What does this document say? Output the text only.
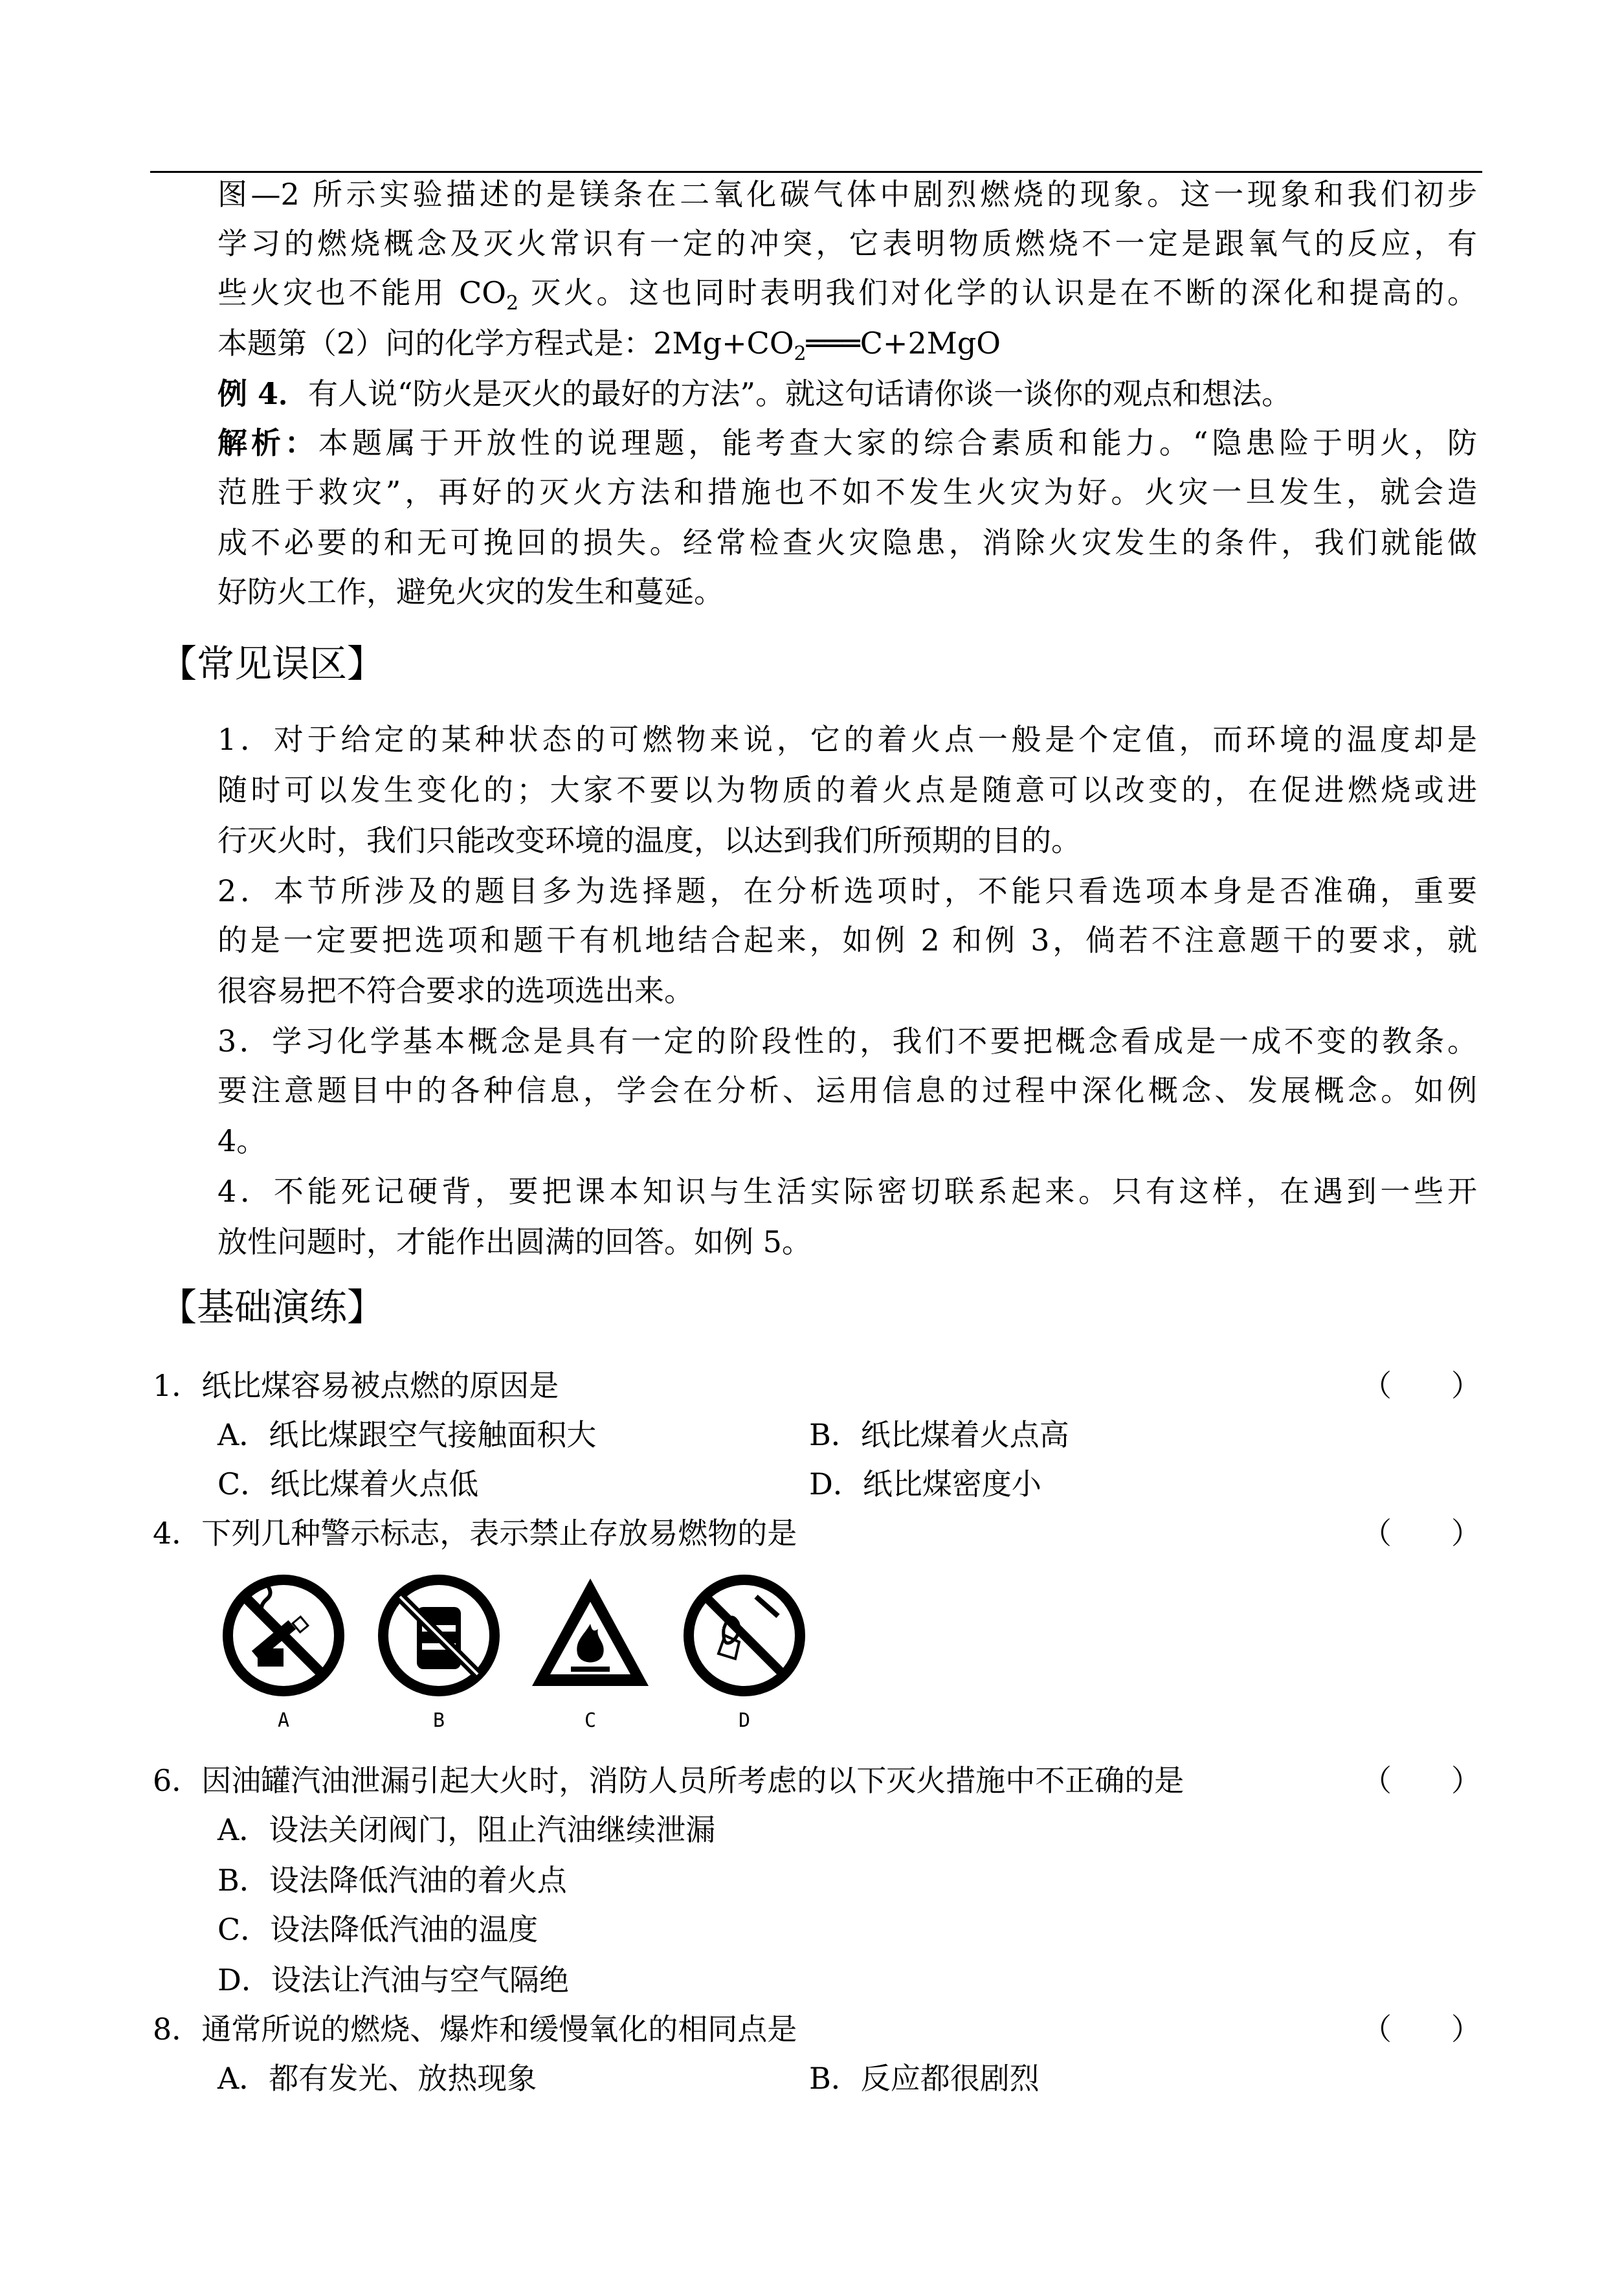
图—2 所示实验描述的是镁条在二氧化碳气体中剧烈燃烧的现象。这一现象和我们初步
学习的燃烧概念及灭火常识有一定的冲突，它表明物质燃烧不一定是跟氧气的反应，有
些火灾也不能用 $CO_2$ 灭火。这也同时表明我们对化学的认识是在不断的深化和提高的。
本题第（2）问的化学方程式是：$2Mg+CO_2═══C+2MgO$
例 4．有人说“防火是灭火的最好的方法”。就这句话请你谈一谈你的观点和想法。
解析：本题属于开放性的说理题，能考查大家的综合素质和能力。“隐患险于明火，防
范胜于救灾”，再好的灭火方法和措施也不如不发生火灾为好。火灾一旦发生，就会造
成不必要的和无可挽回的损失。经常检查火灾隐患，消除火灾发生的条件，我们就能做
好防火工作，避免火灾的发生和蔓延。
【常见误区】
1．对于给定的某种状态的可燃物来说，它的着火点一般是个定值，而环境的温度却是
随时可以发生变化的；大家不要以为物质的着火点是随意可以改变的，在促进燃烧或进
行灭火时，我们只能改变环境的温度，以达到我们所预期的目的。
2．本节所涉及的题目多为选择题，在分析选项时，不能只看选项本身是否准确，重要
的是一定要把选项和题干有机地结合起来，如例 2 和例 3，倘若不注意题干的要求，就
很容易把不符合要求的选项选出来。
3．学习化学基本概念是具有一定的阶段性的，我们不要把概念看成是一成不变的教条。
要注意题目中的各种信息，学会在分析、运用信息的过程中深化概念、发展概念。如例
4。
4．不能死记硬背，要把课本知识与生活实际密切联系起来。只有这样，在遇到一些开
放性问题时，才能作出圆满的回答。如例 5。
【基础演练】
1．纸比煤容易被点燃的原因是	（　　）
A．纸比煤跟空气接触面积大	B．纸比煤着火点高
C．纸比煤着火点低	D．纸比煤密度小
4．下列几种警示标志，表示禁止存放易燃物的是	（　　）
A	B	C	D
6．因油罐汽油泄漏引起大火时，消防人员所考虑的以下灭火措施中不正确的是	（　　）
A．设法关闭阀门，阻止汽油继续泄漏
B．设法降低汽油的着火点
C．设法降低汽油的温度
D．设法让汽油与空气隔绝
8．通常所说的燃烧、爆炸和缓慢氧化的相同点是	（　　）
A．都有发光、放热现象	B．反应都很剧烈
